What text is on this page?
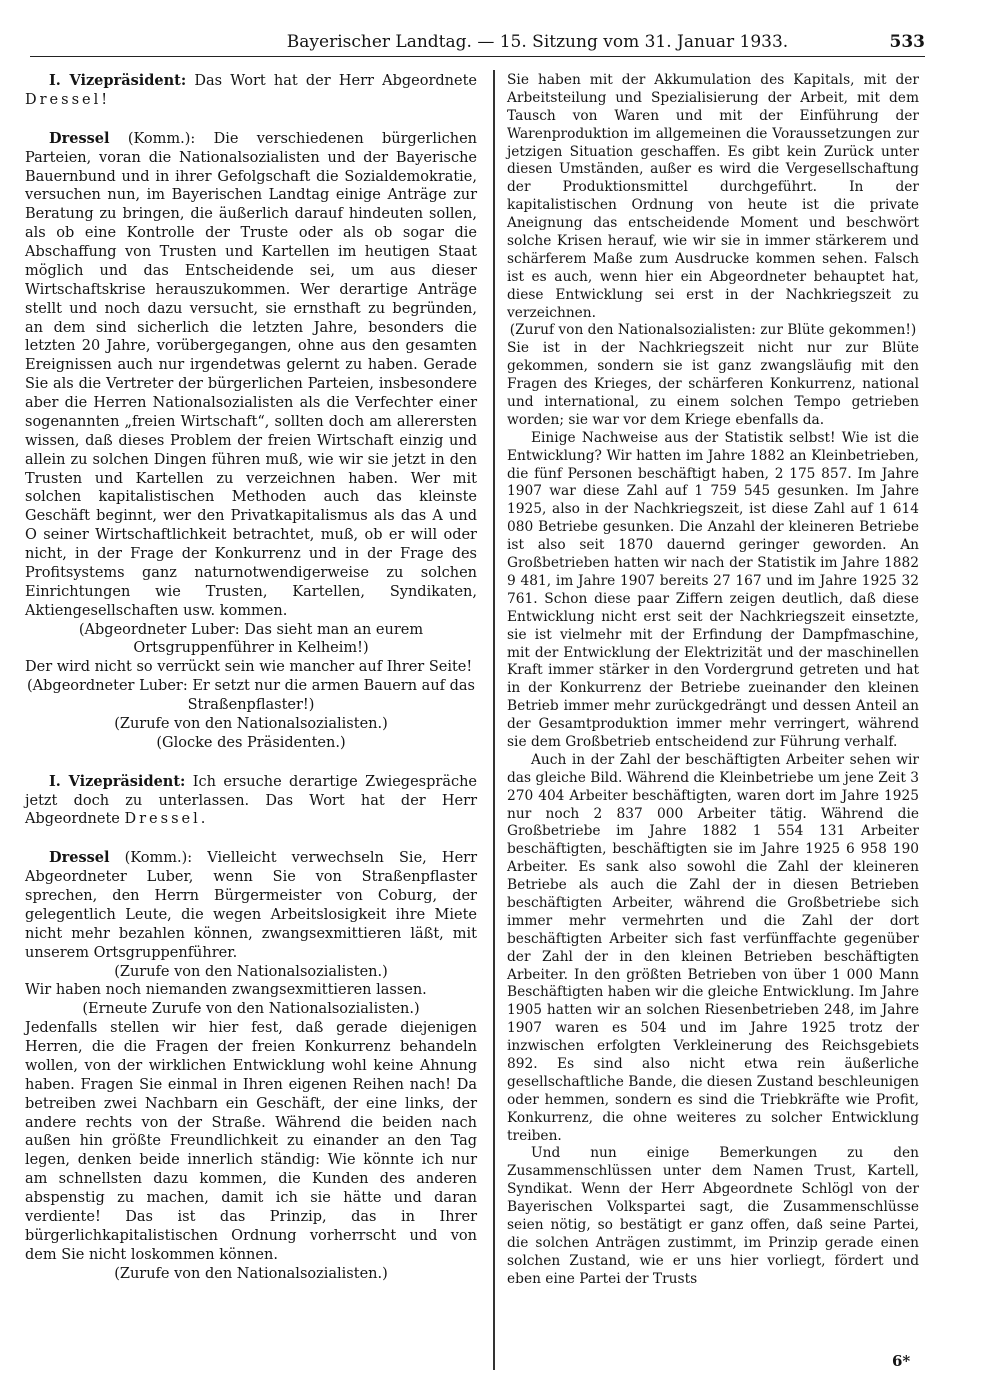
Bayerischer Landtag. — 15. Sitzung vom 31. Januar 1933.	533

I. Vizepräsident: Das Wort hat der Herr Abgeordnete Dressel!

Dressel (Komm.): Die verschiedenen bürgerlichen Parteien, voran die Nationalsozialisten und der Bayerische Bauernbund und in ihrer Gefolgschaft die Sozialdemokratie, versuchen nun, im Bayerischen Landtag einige Anträge zur Beratung zu bringen, die äußerlich darauf hindeuten sollen, als ob eine Kontrolle der Truste oder als ob sogar die Abschaffung von Trusten und Kartellen im heutigen Staat möglich und das Entscheidende sei, um aus dieser Wirtschaftskrise herauszukommen. Wer derartige Anträge stellt und noch dazu versucht, sie ernsthaft zu begründen, an dem sind sicherlich die letzten Jahre, besonders die letzten 20 Jahre, vorübergegangen, ohne aus den gesamten Ereignissen auch nur irgendetwas gelernt zu haben. Gerade Sie als die Vertreter der bürgerlichen Parteien, insbesondere aber die Herren Nationalsozialisten als die Verfechter einer sogenannten „freien Wirtschaft“, sollten doch am allerersten wissen, daß dieses Problem der freien Wirtschaft einzig und allein zu solchen Dingen führen muß, wie wir sie jetzt in den Trusten und Kartellen zu verzeichnen haben. Wer mit solchen kapitalistischen Methoden auch das kleinste Geschäft beginnt, wer den Privatkapitalismus als das A und O seiner Wirtschaftlichkeit betrachtet, muß, ob er will oder nicht, in der Frage der Konkurrenz und in der Frage des Profitsystems ganz naturnotwendigerweise zu solchen Einrichtungen wie Trusten, Kartellen, Syndikaten, Aktiengesellschaften usw. kommen.

(Abgeordneter Luber: Das sieht man an eurem Ortsgruppenführer in Kelheim!)

Der wird nicht so verrückt sein wie mancher auf Ihrer Seite!

(Abgeordneter Luber: Er setzt nur die armen Bauern auf das Straßenpflaster!)

(Zurufe von den Nationalsozialisten.)

(Glocke des Präsidenten.)

I. Vizepräsident: Ich ersuche derartige Zwiegespräche jetzt doch zu unterlassen. Das Wort hat der Herr Abgeordnete Dressel.

Dressel (Komm.): Vielleicht verwechseln Sie, Herr Abgeordneter Luber, wenn Sie von Straßenpflaster sprechen, den Herrn Bürgermeister von Coburg, der gelegentlich Leute, die wegen Arbeitslosigkeit ihre Miete nicht mehr bezahlen können, zwangsexmittieren läßt, mit unserem Ortsgruppenführer.

(Zurufe von den Nationalsozialisten.)

Wir haben noch niemanden zwangsexmittieren lassen.

(Erneute Zurufe von den Nationalsozialisten.)

Jedenfalls stellen wir hier fest, daß gerade diejenigen Herren, die die Fragen der freien Konkurrenz behandeln wollen, von der wirklichen Entwicklung wohl keine Ahnung haben. Fragen Sie einmal in Ihren eigenen Reihen nach! Da betreiben zwei Nachbarn ein Geschäft, der eine links, der andere rechts von der Straße. Während die beiden nach außen hin größte Freundlichkeit zu einander an den Tag legen, denken beide innerlich ständig: Wie könnte ich nur am schnellsten dazu kommen, die Kunden des anderen abspenstig zu machen, damit ich sie hätte und daran verdiente! Das ist das Prinzip, das in Ihrer bürgerlichkapitalistischen Ordnung vorherrscht und von dem Sie nicht loskommen können.

(Zurufe von den Nationalsozialisten.)

Sie haben mit der Akkumulation des Kapitals, mit der Arbeitsteilung und Spezialisierung der Arbeit, mit dem Tausch von Waren und mit der Einführung der Warenproduktion im allgemeinen die Voraussetzungen zur jetzigen Situation geschaffen. Es gibt kein Zurück unter diesen Umständen, außer es wird die Vergesellschaftung der Produktionsmittel durchgeführt. In der kapitalistischen Ordnung von heute ist die private Aneignung das entscheidende Moment und beschwört solche Krisen herauf, wie wir sie in immer stärkerem und schärferem Maße zum Ausdrucke kommen sehen. Falsch ist es auch, wenn hier ein Abgeordneter behauptet hat, diese Entwicklung sei erst in der Nachkriegszeit zu verzeichnen.

(Zuruf von den Nationalsozialisten: zur Blüte gekommen!)

Sie ist in der Nachkriegszeit nicht nur zur Blüte gekommen, sondern sie ist ganz zwangsläufig mit den Fragen des Krieges, der schärferen Konkurrenz, national und international, zu einem solchen Tempo getrieben worden; sie war vor dem Kriege ebenfalls da.

Einige Nachweise aus der Statistik selbst! Wie ist die Entwicklung? Wir hatten im Jahre 1882 an Kleinbetrieben, die fünf Personen beschäftigt haben, 2 175 857. Im Jahre 1907 war diese Zahl auf 1 759 545 gesunken. Im Jahre 1925, also in der Nachkriegszeit, ist diese Zahl auf 1 614 080 Betriebe gesunken. Die Anzahl der kleineren Betriebe ist also seit 1870 dauernd geringer geworden. An Großbetrieben hatten wir nach der Statistik im Jahre 1882 9 481, im Jahre 1907 bereits 27 167 und im Jahre 1925 32 761. Schon diese paar Ziffern zeigen deutlich, daß diese Entwicklung nicht erst seit der Nachkriegszeit einsetzte, sie ist vielmehr mit der Erfindung der Dampfmaschine, mit der Entwicklung der Elektrizität und der maschinellen Kraft immer stärker in den Vordergrund getreten und hat in der Konkurrenz der Betriebe zueinander den kleinen Betrieb immer mehr zurückgedrängt und dessen Anteil an der Gesamtproduktion immer mehr verringert, während sie dem Großbetrieb entscheidend zur Führung verhalf.

Auch in der Zahl der beschäftigten Arbeiter sehen wir das gleiche Bild. Während die Kleinbetriebe um jene Zeit 3 270 404 Arbeiter beschäftigten, waren dort im Jahre 1925 nur noch 2 837 000 Arbeiter tätig. Während die Großbetriebe im Jahre 1882 1 554 131 Arbeiter beschäftigten, beschäftigten sie im Jahre 1925 6 958 190 Arbeiter. Es sank also sowohl die Zahl der kleineren Betriebe als auch die Zahl der in diesen Betrieben beschäftigten Arbeiter, während die Großbetriebe sich immer mehr vermehrten und die Zahl der dort beschäftigten Arbeiter sich fast verfünffachte gegenüber der Zahl der in den kleinen Betrieben beschäftigten Arbeiter. In den größten Betrieben von über 1 000 Mann Beschäftigten haben wir die gleiche Entwicklung. Im Jahre 1905 hatten wir an solchen Riesenbetrieben 248, im Jahre 1907 waren es 504 und im Jahre 1925 trotz der inzwischen erfolgten Verkleinerung des Reichsgebiets 892. Es sind also nicht etwa rein äußerliche gesellschaftliche Bande, die diesen Zustand beschleunigen oder hemmen, sondern es sind die Triebkräfte wie Profit, Konkurrenz, die ohne weiteres zu solcher Entwicklung treiben.

Und nun einige Bemerkungen zu den Zusammenschlüssen unter dem Namen Trust, Kartell, Syndikat. Wenn der Herr Abgeordnete Schlögl von der Bayerischen Volkspartei sagt, die Zusammenschlüsse seien nötig, so bestätigt er ganz offen, daß seine Partei, die solchen Anträgen zustimmt, im Prinzip gerade einen solchen Zustand, wie er uns hier vorliegt, fördert und eben eine Partei der Trusts

6*
